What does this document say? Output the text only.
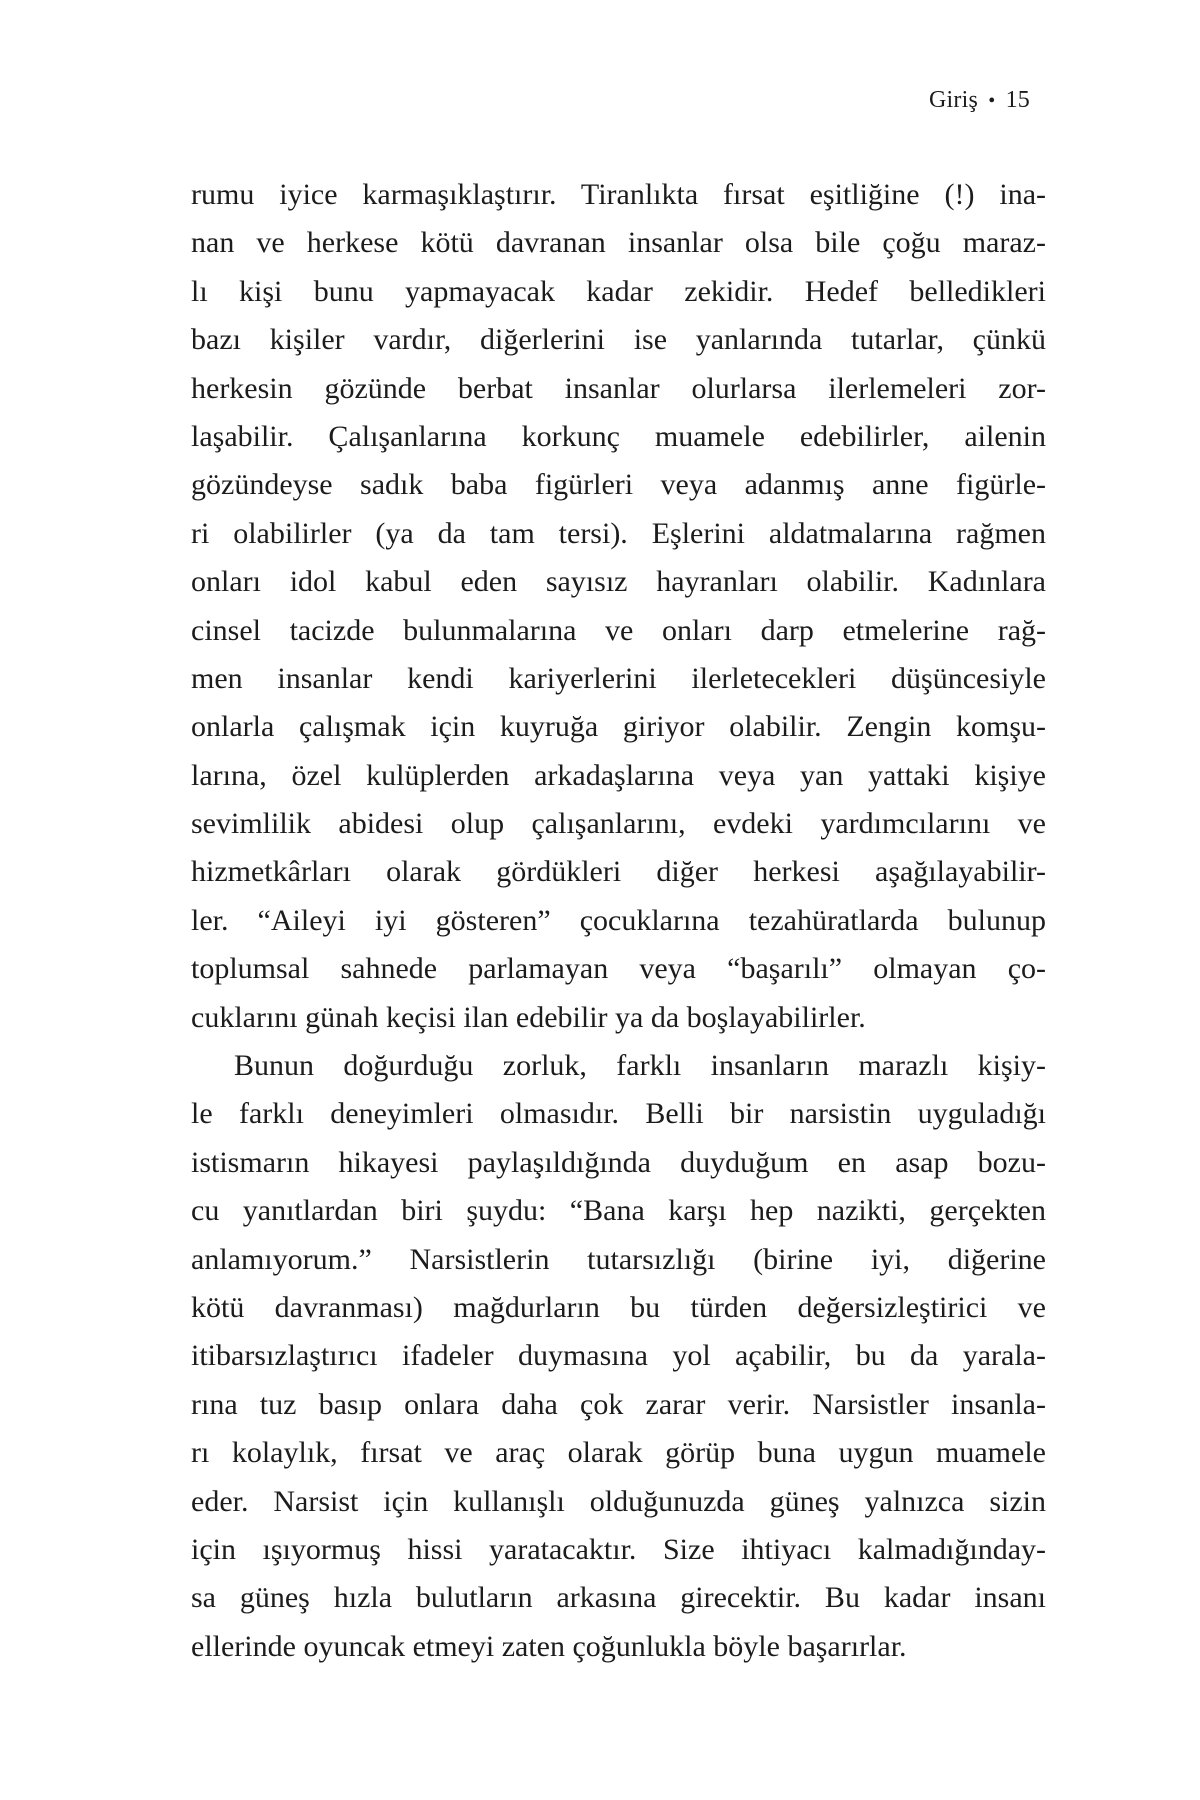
Giriş • 15
rumu iyice karmaşıklaştırır. Tiranlıkta fırsat eşitliğine (!) ina-
nan ve herkese kötü davranan insanlar olsa bile çoğu maraz-
lı kişi bunu yapmayacak kadar zekidir. Hedef belledikleri
bazı kişiler vardır, diğerlerini ise yanlarında tutarlar, çünkü
herkesin gözünde berbat insanlar olurlarsa ilerlemeleri zor-
laşabilir. Çalışanlarına korkunç muamele edebilirler, ailenin
gözündeyse sadık baba figürleri veya adanmış anne figürle-
ri olabilirler (ya da tam tersi). Eşlerini aldatmalarına rağmen
onları idol kabul eden sayısız hayranları olabilir. Kadınlara
cinsel tacizde bulunmalarına ve onları darp etmelerine rağ-
men insanlar kendi kariyerlerini ilerletecekleri düşüncesiyle
onlarla çalışmak için kuyruğa giriyor olabilir. Zengin komşu-
larına, özel kulüplerden arkadaşlarına veya yan yattaki kişiye
sevimlilik abidesi olup çalışanlarını, evdeki yardımcılarını ve
hizmetkârları olarak gördükleri diğer herkesi aşağılayabilir-
ler. “Aileyi iyi gösteren” çocuklarına tezahüratlarda bulunup
toplumsal sahnede parlamayan veya “başarılı” olmayan ço-
cuklarını günah keçisi ilan edebilir ya da boşlayabilirler.
Bunun doğurduğu zorluk, farklı insanların marazlı kişiy-
le farklı deneyimleri olmasıdır. Belli bir narsistin uyguladığı
istismarın hikayesi paylaşıldığında duyduğum en asap bozu-
cu yanıtlardan biri şuydu: “Bana karşı hep nazikti, gerçekten
anlamıyorum.” Narsistlerin tutarsızlığı (birine iyi, diğerine
kötü davranması) mağdurların bu türden değersizleştirici ve
itibarsızlaştırıcı ifadeler duymasına yol açabilir, bu da yarala-
rına tuz basıp onlara daha çok zarar verir. Narsistler insanla-
rı kolaylık, fırsat ve araç olarak görüp buna uygun muamele
eder. Narsist için kullanışlı olduğunuzda güneş yalnızca sizin
için ışıyormuş hissi yaratacaktır. Size ihtiyacı kalmadığınday-
sa güneş hızla bulutların arkasına girecektir. Bu kadar insanı
ellerinde oyuncak etmeyi zaten çoğunlukla böyle başarırlar.
